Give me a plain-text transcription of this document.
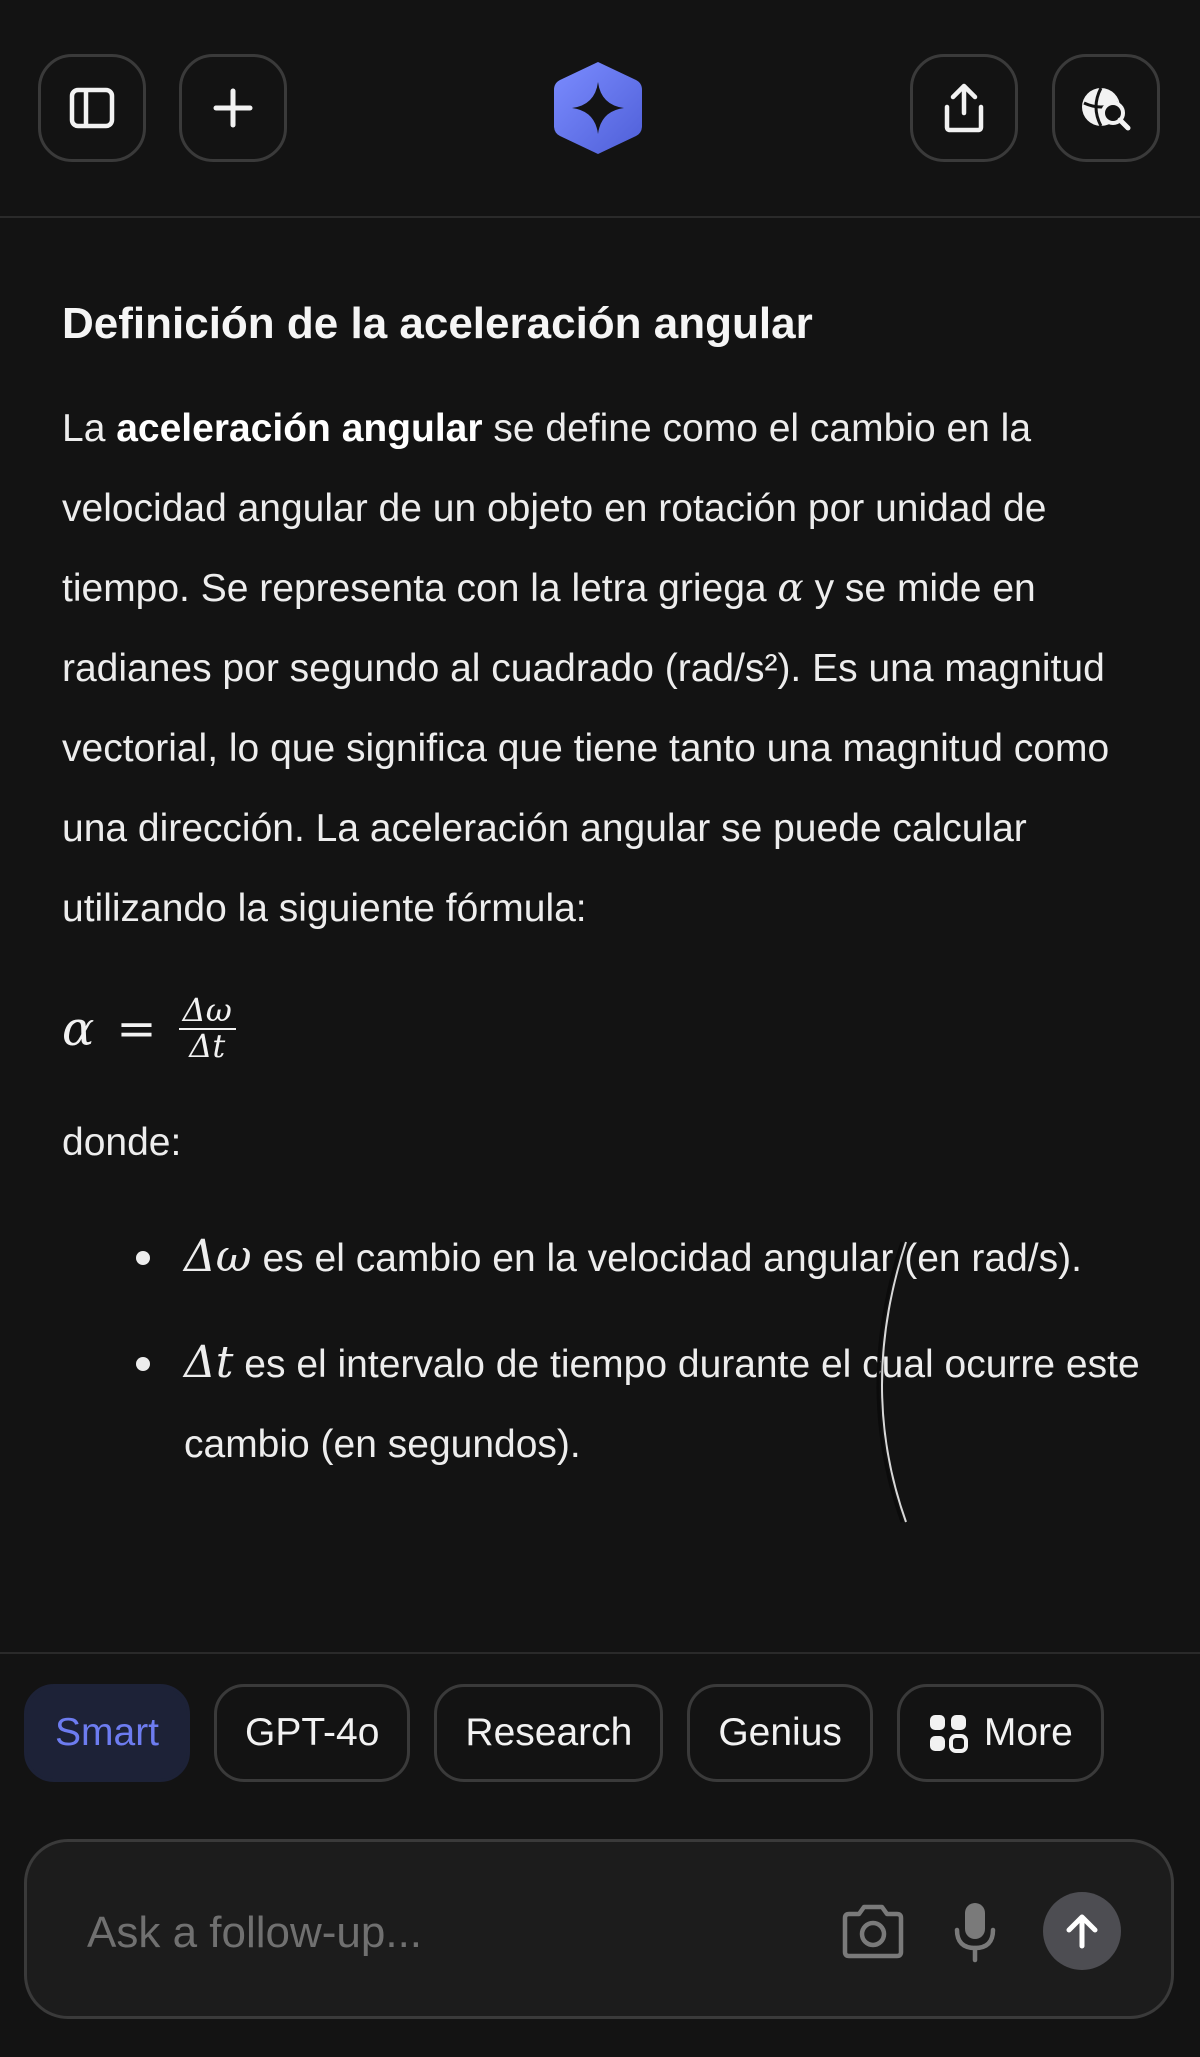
Definición de la aceleración angular

La aceleración angular se define como el cambio en la velocidad angular de un objeto en rotación por unidad de tiempo. Se representa con la letra griega α y se mide en radianes por segundo al cuadrado (rad/s²). Es una magnitud vectorial, lo que significa que tiene tanto una magnitud como una dirección. La aceleración angular se puede calcular utilizando la siguiente fórmula:

$\alpha = \frac{\Delta\omega}{\Delta t}$
donde:
Δω es el cambio en la velocidad angular (en rad/s).
Δt es el intervalo de tiempo durante el cual ocurre este cambio (en segundos).
Smart	GPT-4o	Research	Genius	More
Ask a follow-up...
